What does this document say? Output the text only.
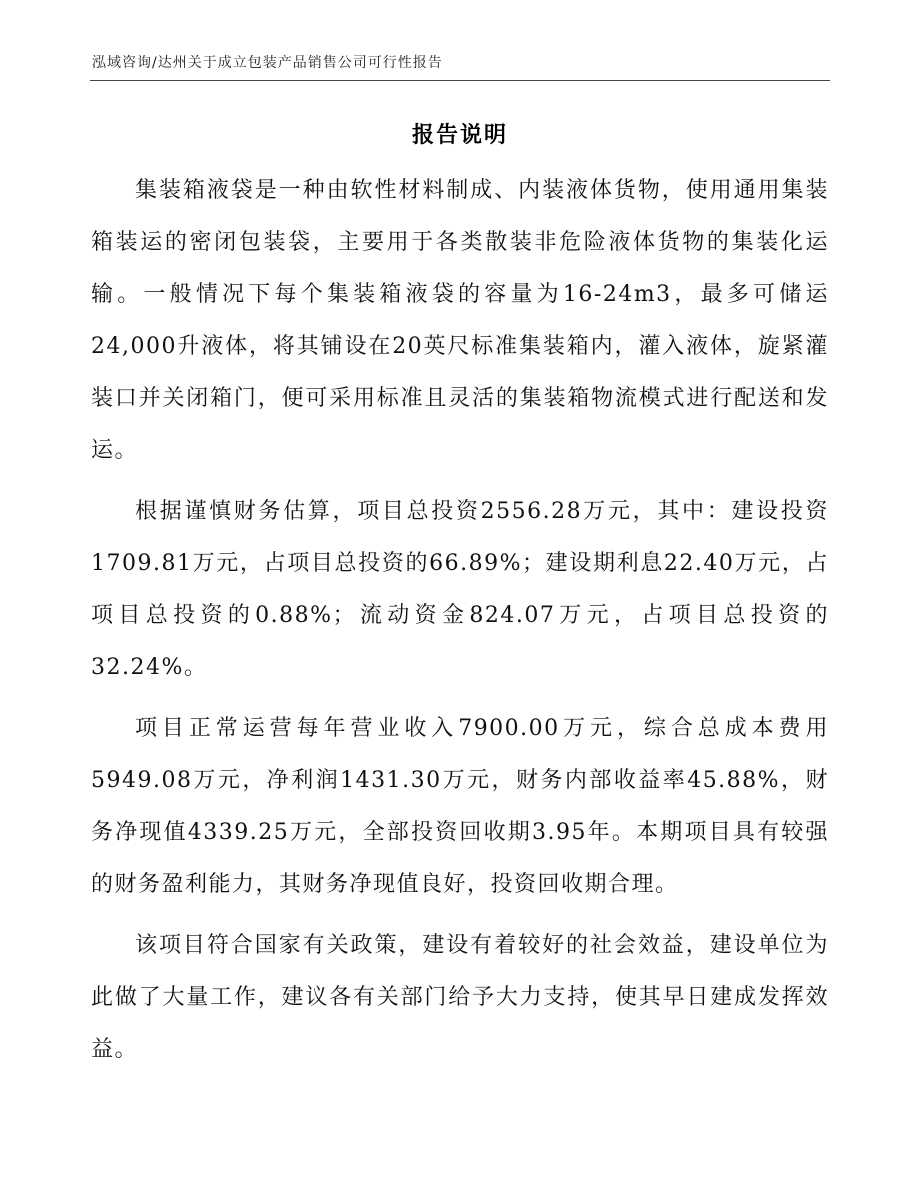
泓域咨询/达州关于成立包装产品销售公司可行性报告
报告说明

集装箱液袋是一种由软性材料制成、内装液体货物，使用通用集装箱装运的密闭包装袋，主要用于各类散装非危险液体货物的集装化运输。一般情况下每个集装箱液袋的容量为16-24m3，最多可储运24,000升液体，将其铺设在20英尺标准集装箱内，灌入液体，旋紧灌装口并关闭箱门，便可采用标准且灵活的集装箱物流模式进行配送和发运。

根据谨慎财务估算，项目总投资2556.28万元，其中：建设投资1709.81万元，占项目总投资的66.89%；建设期利息22.40万元，占项目总投资的0.88%；流动资金824.07万元，占项目总投资的32.24%。

项目正常运营每年营业收入7900.00万元，综合总成本费用5949.08万元，净利润1431.30万元，财务内部收益率45.88%，财务净现值4339.25万元，全部投资回收期3.95年。本期项目具有较强的财务盈利能力，其财务净现值良好，投资回收期合理。

该项目符合国家有关政策，建设有着较好的社会效益，建设单位为此做了大量工作，建议各有关部门给予大力支持，使其早日建成发挥效益。
